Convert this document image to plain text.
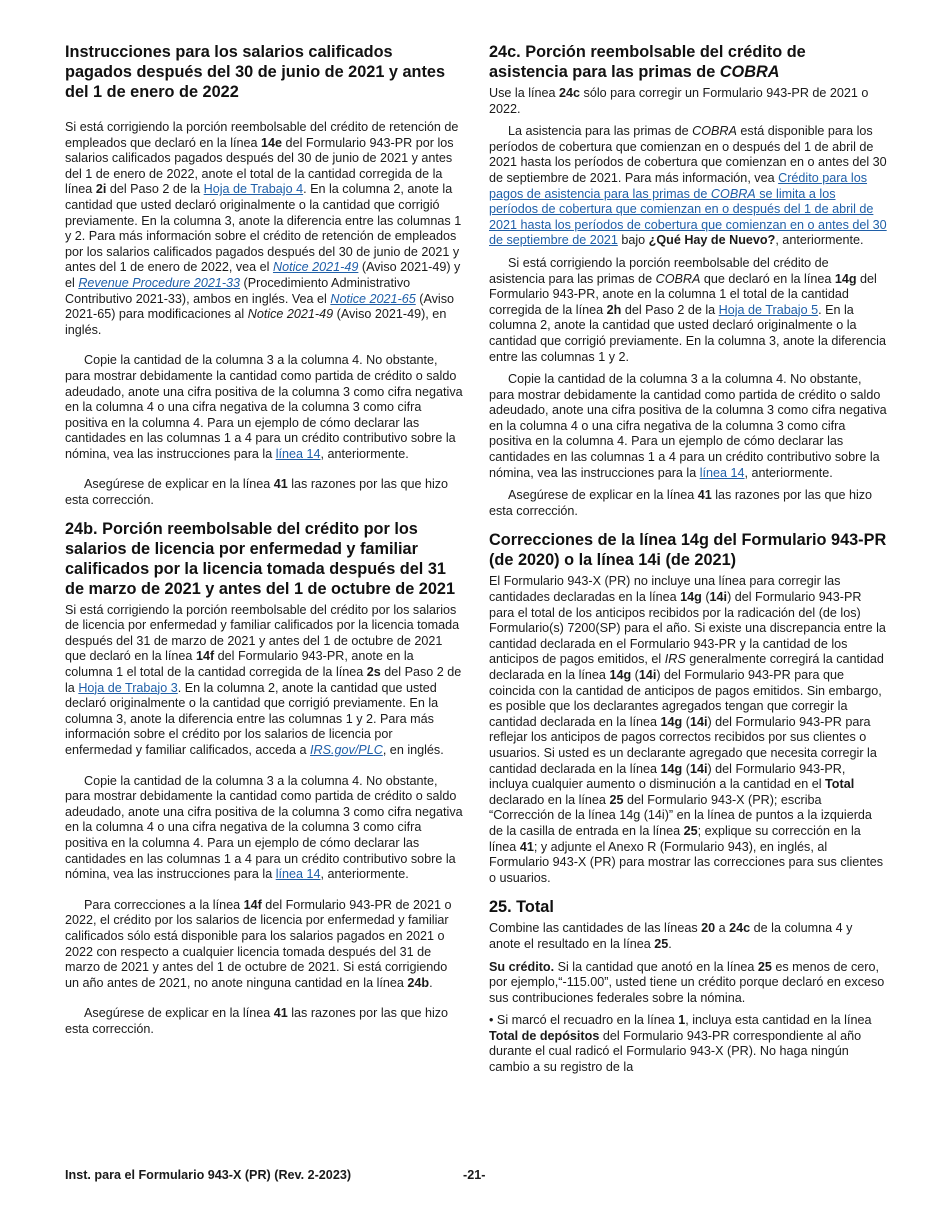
Instrucciones para los salarios calificados pagados después del 30 de junio de 2021 y antes del 1 de enero de 2022

Si está corrigiendo la porción reembolsable del crédito de retención de empleados que declaró en la línea 14e del Formulario 943-PR por los salarios calificados pagados después del 30 de junio de 2021 y antes del 1 de enero de 2022, anote el total de la cantidad corregida de la línea 2i del Paso 2 de la Hoja de Trabajo 4. En la columna 2, anote la cantidad que usted declaró originalmente o la cantidad que corrigió previamente. En la columna 3, anote la diferencia entre las columnas 1 y 2. Para más información sobre el crédito de retención de empleados por los salarios calificados pagados después del 30 de junio de 2021 y antes del 1 de enero de 2022, vea el Notice 2021-49 (Aviso 2021-49) y el Revenue Procedure 2021-33 (Procedimiento Administrativo Contributivo 2021-33), ambos en inglés. Vea el Notice 2021-65 (Aviso 2021-65) para modificaciones al Notice 2021-49 (Aviso 2021-49), en inglés.

Copie la cantidad de la columna 3 a la columna 4. No obstante, para mostrar debidamente la cantidad como partida de crédito o saldo adeudado, anote una cifra positiva de la columna 3 como cifra negativa en la columna 4 o una cifra negativa de la columna 3 como cifra positiva en la columna 4. Para un ejemplo de cómo declarar las cantidades en las columnas 1 a 4 para un crédito contributivo sobre la nómina, vea las instrucciones para la línea 14, anteriormente.

Asegúrese de explicar en la línea 41 las razones por las que hizo esta corrección.

24b. Porción reembolsable del crédito por los salarios de licencia por enfermedad y familiar calificados por la licencia tomada después del 31 de marzo de 2021 y antes del 1 de octubre de 2021

Si está corrigiendo la porción reembolsable del crédito por los salarios de licencia por enfermedad y familiar calificados por la licencia tomada después del 31 de marzo de 2021 y antes del 1 de octubre de 2021 que declaró en la línea 14f del Formulario 943-PR, anote en la columna 1 el total de la cantidad corregida de la línea 2s del Paso 2 de la Hoja de Trabajo 3. En la columna 2, anote la cantidad que usted declaró originalmente o la cantidad que corrigió previamente. En la columna 3, anote la diferencia entre las columnas 1 y 2. Para más información sobre el crédito por los salarios de licencia por enfermedad y familiar calificados, acceda a IRS.gov/PLC, en inglés.

Copie la cantidad de la columna 3 a la columna 4. No obstante, para mostrar debidamente la cantidad como partida de crédito o saldo adeudado, anote una cifra positiva de la columna 3 como cifra negativa en la columna 4 o una cifra negativa de la columna 3 como cifra positiva en la columna 4. Para un ejemplo de cómo declarar las cantidades en las columnas 1 a 4 para un crédito contributivo sobre la nómina, vea las instrucciones para la línea 14, anteriormente.

Para correcciones a la línea 14f del Formulario 943-PR de 2021 o 2022, el crédito por los salarios de licencia por enfermedad y familiar calificados sólo está disponible para los salarios pagados en 2021 o 2022 con respecto a cualquier licencia tomada después del 31 de marzo de 2021 y antes del 1 de octubre de 2021. Si está corrigiendo un año antes de 2021, no anote ninguna cantidad en la línea 24b.

Asegúrese de explicar en la línea 41 las razones por las que hizo esta corrección.

24c. Porción reembolsable del crédito de asistencia para las primas de COBRA

Use la línea 24c sólo para corregir un Formulario 943-PR de 2021 o 2022.

La asistencia para las primas de COBRA está disponible para los períodos de cobertura que comienzan en o después del 1 de abril de 2021 hasta los períodos de cobertura que comienzan en o antes del 30 de septiembre de 2021. Para más información, vea Crédito para los pagos de asistencia para las primas de COBRA se limita a los períodos de cobertura que comienzan en o después del 1 de abril de 2021 hasta los períodos de cobertura que comienzan en o antes del 30 de septiembre de 2021 bajo ¿Qué Hay de Nuevo?, anteriormente.

Si está corrigiendo la porción reembolsable del crédito de asistencia para las primas de COBRA que declaró en la línea 14g del Formulario 943-PR, anote en la columna 1 el total de la cantidad corregida de la línea 2h del Paso 2 de la Hoja de Trabajo 5. En la columna 2, anote la cantidad que usted declaró originalmente o la cantidad que corrigió previamente. En la columna 3, anote la diferencia entre las columnas 1 y 2.

Copie la cantidad de la columna 3 a la columna 4. No obstante, para mostrar debidamente la cantidad como partida de crédito o saldo adeudado, anote una cifra positiva de la columna 3 como cifra negativa en la columna 4 o una cifra negativa de la columna 3 como cifra positiva en la columna 4. Para un ejemplo de cómo declarar las cantidades en las columnas 1 a 4 para un crédito contributivo sobre la nómina, vea las instrucciones para la línea 14, anteriormente.

Asegúrese de explicar en la línea 41 las razones por las que hizo esta corrección.

Correcciones de la línea 14g del Formulario 943-PR (de 2020) o la línea 14i (de 2021)

El Formulario 943-X (PR) no incluye una línea para corregir las cantidades declaradas en la línea 14g (14i) del Formulario 943-PR para el total de los anticipos recibidos por la radicación del (de los) Formulario(s) 7200(SP) para el año. Si existe una discrepancia entre la cantidad declarada en el Formulario 943-PR y la cantidad de los anticipos de pagos emitidos, el IRS generalmente corregirá la cantidad declarada en la línea 14g (14i) del Formulario 943-PR para que coincida con la cantidad de anticipos de pagos emitidos. Sin embargo, es posible que los declarantes agregados tengan que corregir la cantidad declarada en la línea 14g (14i) del Formulario 943-PR para reflejar los anticipos de pagos correctos recibidos por sus clientes o usuarios. Si usted es un declarante agregado que necesita corregir la cantidad declarada en la línea 14g (14i) del Formulario 943-PR, incluya cualquier aumento o disminución a la cantidad en el Total declarado en la línea 25 del Formulario 943-X (PR); escriba “Corrección de la línea 14g (14i)” en la línea de puntos a la izquierda de la casilla de entrada en la línea 25; explique su corrección en la línea 41; y adjunte el Anexo R (Formulario 943), en inglés, al Formulario 943-X (PR) para mostrar las correcciones para sus clientes o usuarios.

25. Total

Combine las cantidades de las líneas 20 a 24c de la columna 4 y anote el resultado en la línea 25.

Su crédito. Si la cantidad que anotó en la línea 25 es menos de cero, por ejemplo,“-115.00”, usted tiene un crédito porque declaró en exceso sus contribuciones federales sobre la nómina.

• Si marcó el recuadro en la línea 1, incluya esta cantidad en la línea Total de depósitos del Formulario 943-PR correspondiente al año durante el cual radicó el Formulario 943-X (PR). No haga ningún cambio a su registro de la

Inst. para el Formulario 943-X (PR) (Rev. 2-2023)	-21-
